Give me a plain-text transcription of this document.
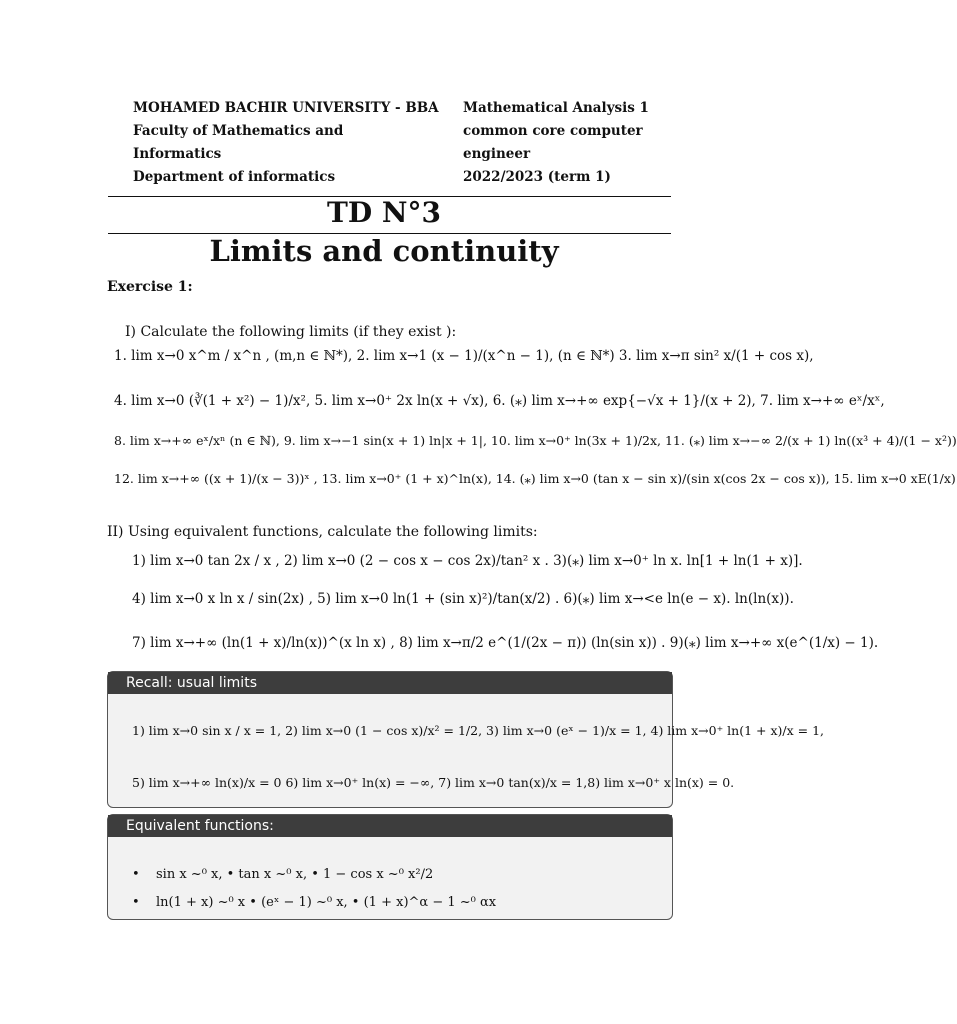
MOHAMED BACHIR UNIVERSITY - BBA
Faculty of Mathematics and
Informatics
Department of informatics
Mathematical Analysis 1
common core computer
engineer
2022/2023 (term 1)
TD N°3
Limits and continuity
Exercise 1:
I) Calculate the following limits (if they exist ):
1. lim x→0 x^m / x^n , (m,n ∈ ℕ*), 2. lim x→1 (x − 1)/(x^n − 1), (n ∈ ℕ*) 3. lim x→π sin² x/(1 + cos x),
4. lim x→0 (∛(1 + x²) − 1)/x², 5. lim x→0⁺ 2x ln(x + √x), 6. (⁎) lim x→+∞ exp{−√x + 1}/(x + 2), 7. lim x→+∞ eˣ/xˣ,
8. lim x→+∞ eˣ/xⁿ (n ∈ ℕ), 9. lim x→−1 sin(x + 1) ln|x + 1|, 10. lim x→0⁺ ln(3x + 1)/2x, 11. (⁎) lim x→−∞ 2/(x + 1) ln((x³ + 4)/(1 − x²))
12. lim x→+∞ ((x + 1)/(x − 3))ˣ , 13. lim x→0⁺ (1 + x)^ln(x), 14. (⁎) lim x→0 (tan x − sin x)/(sin x(cos 2x − cos x)), 15. lim x→0 xE(1/x)
II) Using equivalent functions, calculate the following limits:
1) lim x→0 tan 2x / x , 2) lim x→0 (2 − cos x − cos 2x)/tan² x . 3)(⁎) lim x→0⁺ ln x. ln[1 + ln(1 + x)].
4) lim x→0 x ln x / sin(2x) , 5) lim x→0 ln(1 + (sin x)²)/tan(x/2) . 6)(⁎) lim x→<e ln(e − x). ln(ln(x)).
7) lim x→+∞ (ln(1 + x)/ln(x))^(x ln x) , 8) lim x→π/2 e^(1/(2x − π)) (ln(sin x)) . 9)(⁎) lim x→+∞ x(e^(1/x) − 1).
Recall: usual limits
1) lim x→0 sin x / x = 1, 2) lim x→0 (1 − cos x)/x² = 1/2, 3) lim x→0 (eˣ − 1)/x = 1, 4) lim x→0⁺ ln(1 + x)/x = 1,
5) lim x→+∞ ln(x)/x = 0 6) lim x→0⁺ ln(x) = −∞, 7) lim x→0 tan(x)/x = 1,8) lim x→0⁺ x ln(x) = 0.
Equivalent functions:
• sin x ~⁰ x, • tan x ~⁰ x, • 1 − cos x ~⁰ x²/2
• ln(1 + x) ~⁰ x • (eˣ − 1) ~⁰ x, • (1 + x)^α − 1 ~⁰ αx
